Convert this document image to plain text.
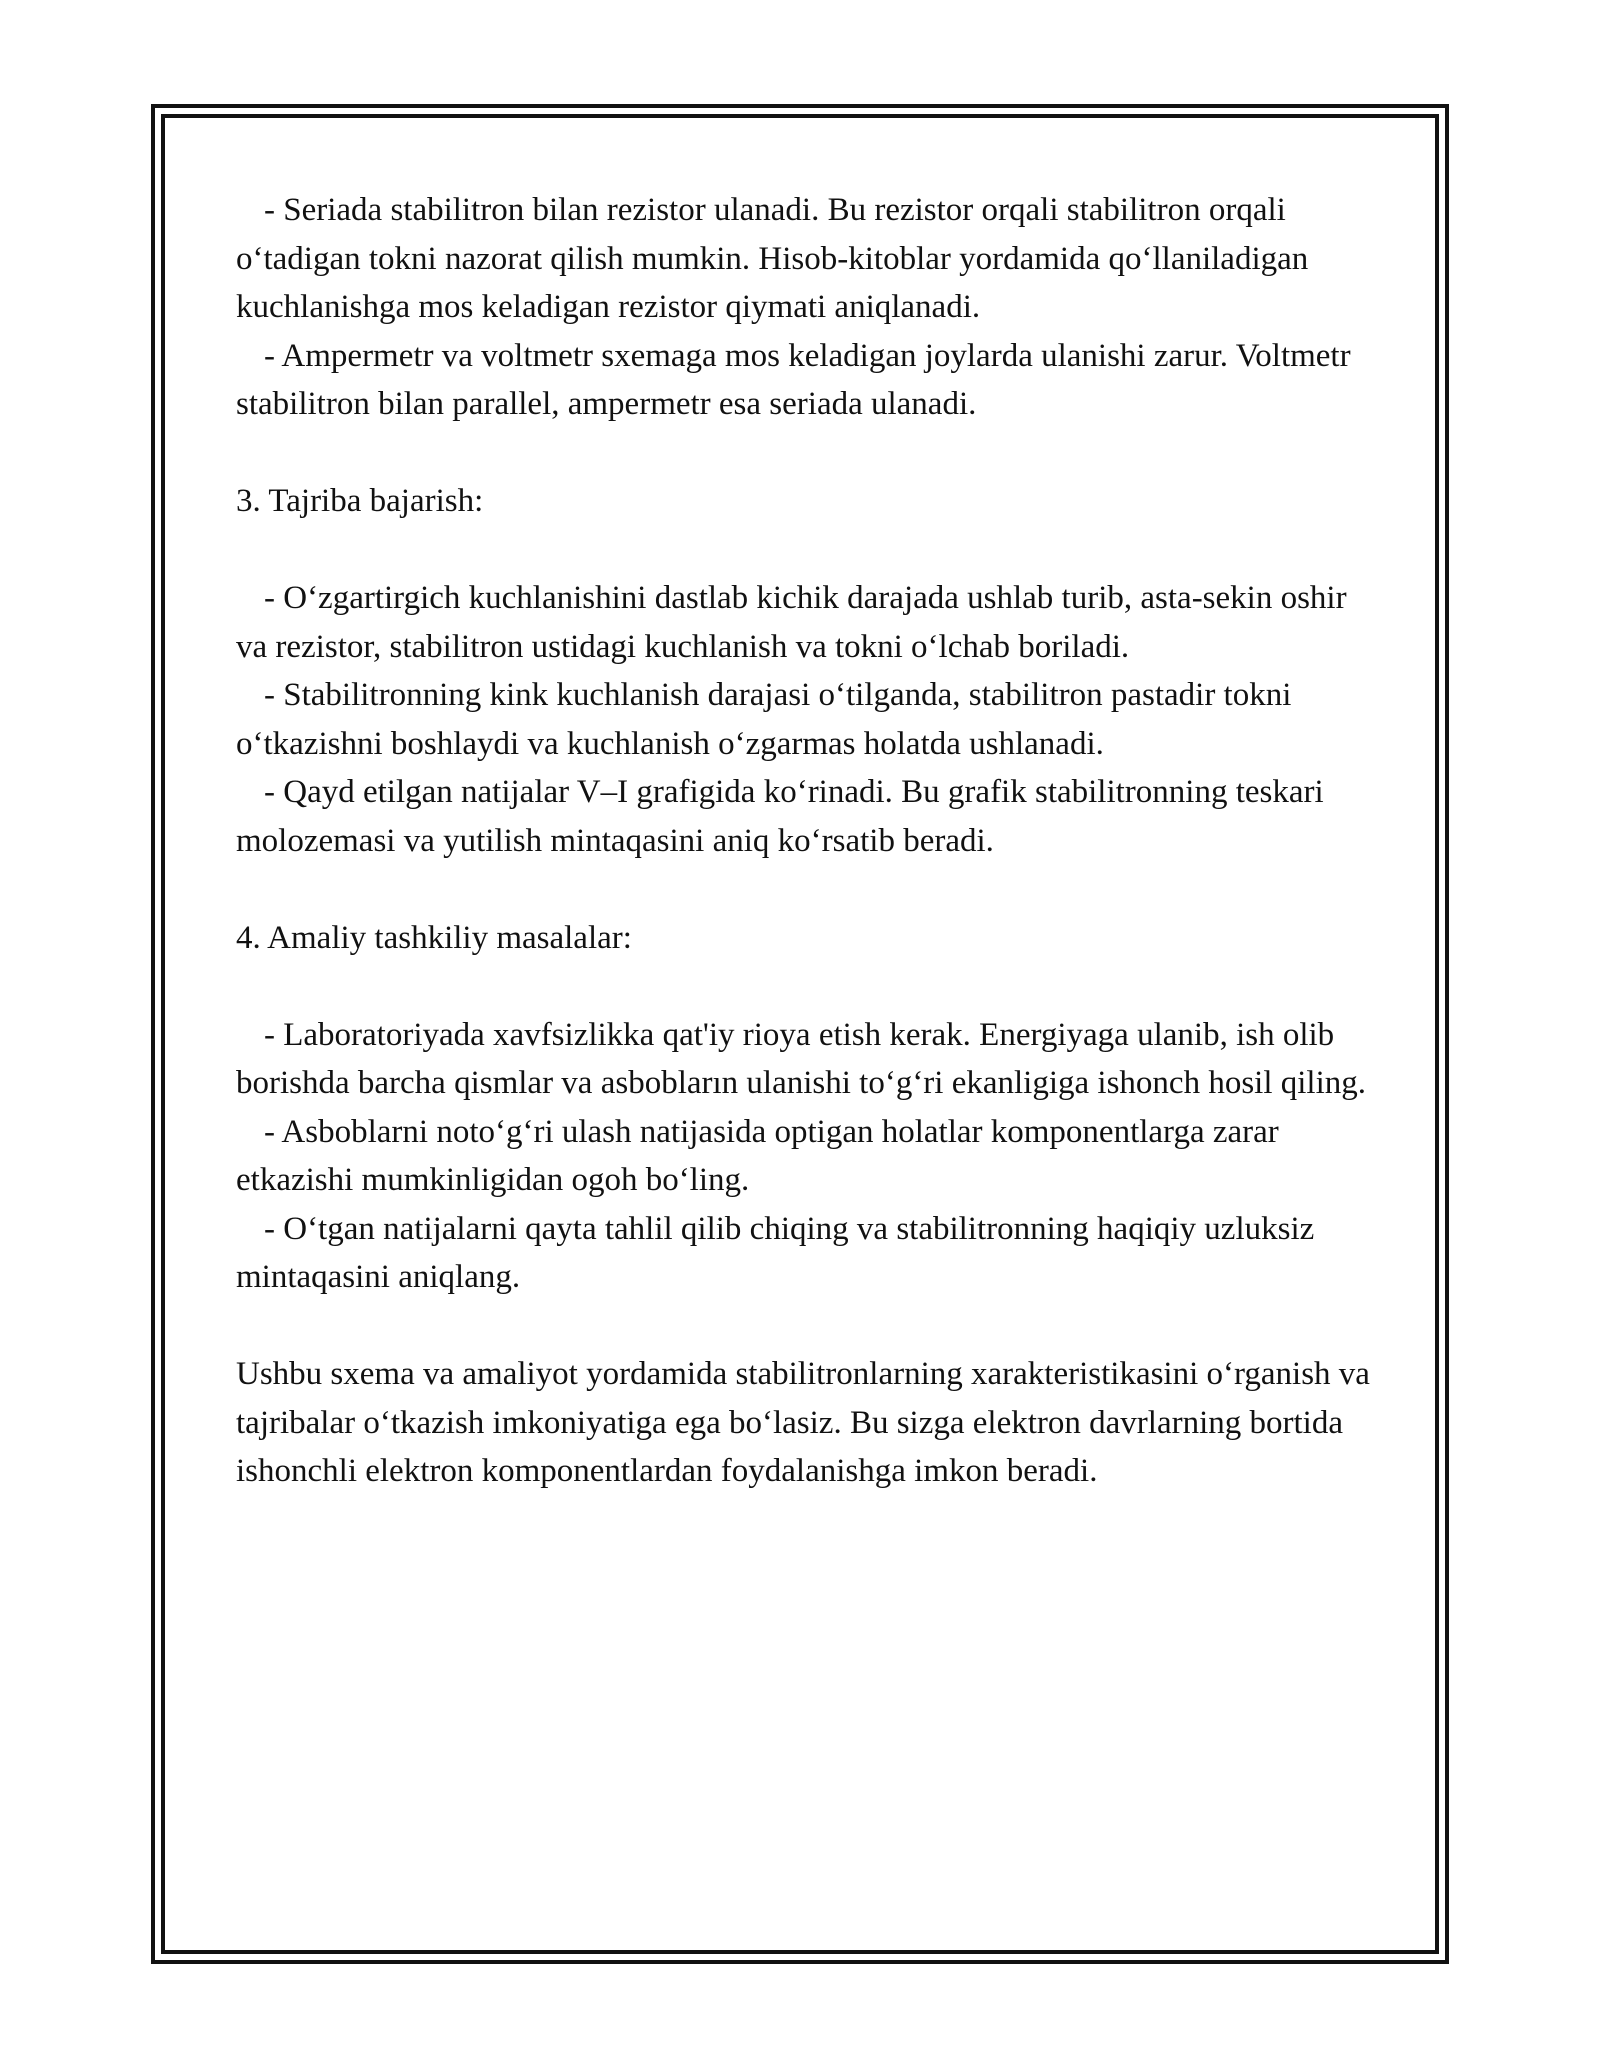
- Seriada stabilitron bilan rezistor ulanadi. Bu rezistor orqali stabilitron orqali o‘tadigan tokni nazorat qilish mumkin. Hisob-kitoblar yordamida qo‘llaniladigan kuchlanishga mos keladigan rezistor qiymati aniqlanadi.

- Ampermetr va voltmetr sxemaga mos keladigan joylarda ulanishi zarur. Voltmetr stabilitron bilan parallel, ampermetr esa seriada ulanadi.

3. Tajriba bajarish:

- O‘zgartirgich kuchlanishini dastlab kichik darajada ushlab turib, asta-sekin oshir va rezistor, stabilitron ustidagi kuchlanish va tokni o‘lchab boriladi.

- Stabilitronning kink kuchlanish darajasi o‘tilganda, stabilitron pastadir tokni o‘tkazishni boshlaydi va kuchlanish o‘zgarmas holatda ushlanadi.

- Qayd etilgan natijalar V–I grafigida ko‘rinadi. Bu grafik stabilitronning teskari molozemasi va yutilish mintaqasini aniq ko‘rsatib beradi.

4. Amaliy tashkiliy masalalar:

- Laboratoriyada xavfsizlikka qat'iy rioya etish kerak. Energiyaga ulanib, ish olib borishda barcha qismlar va asbobların ulanishi to‘g‘ri ekanligiga ishonch hosil qiling.

- Asboblarni noto‘g‘ri ulash natijasida optigan holatlar komponentlarga zarar etkazishi mumkinligidan ogoh bo‘ling.

- O‘tgan natijalarni qayta tahlil qilib chiqing va stabilitronning haqiqiy uzluksiz mintaqasini aniqlang.

Ushbu sxema va amaliyot yordamida stabilitronlarning xarakteristikasini o‘rganish va tajribalar o‘tkazish imkoniyatiga ega bo‘lasiz. Bu sizga elektron davrlarning bortida ishonchli elektron komponentlardan foydalanishga imkon beradi.
